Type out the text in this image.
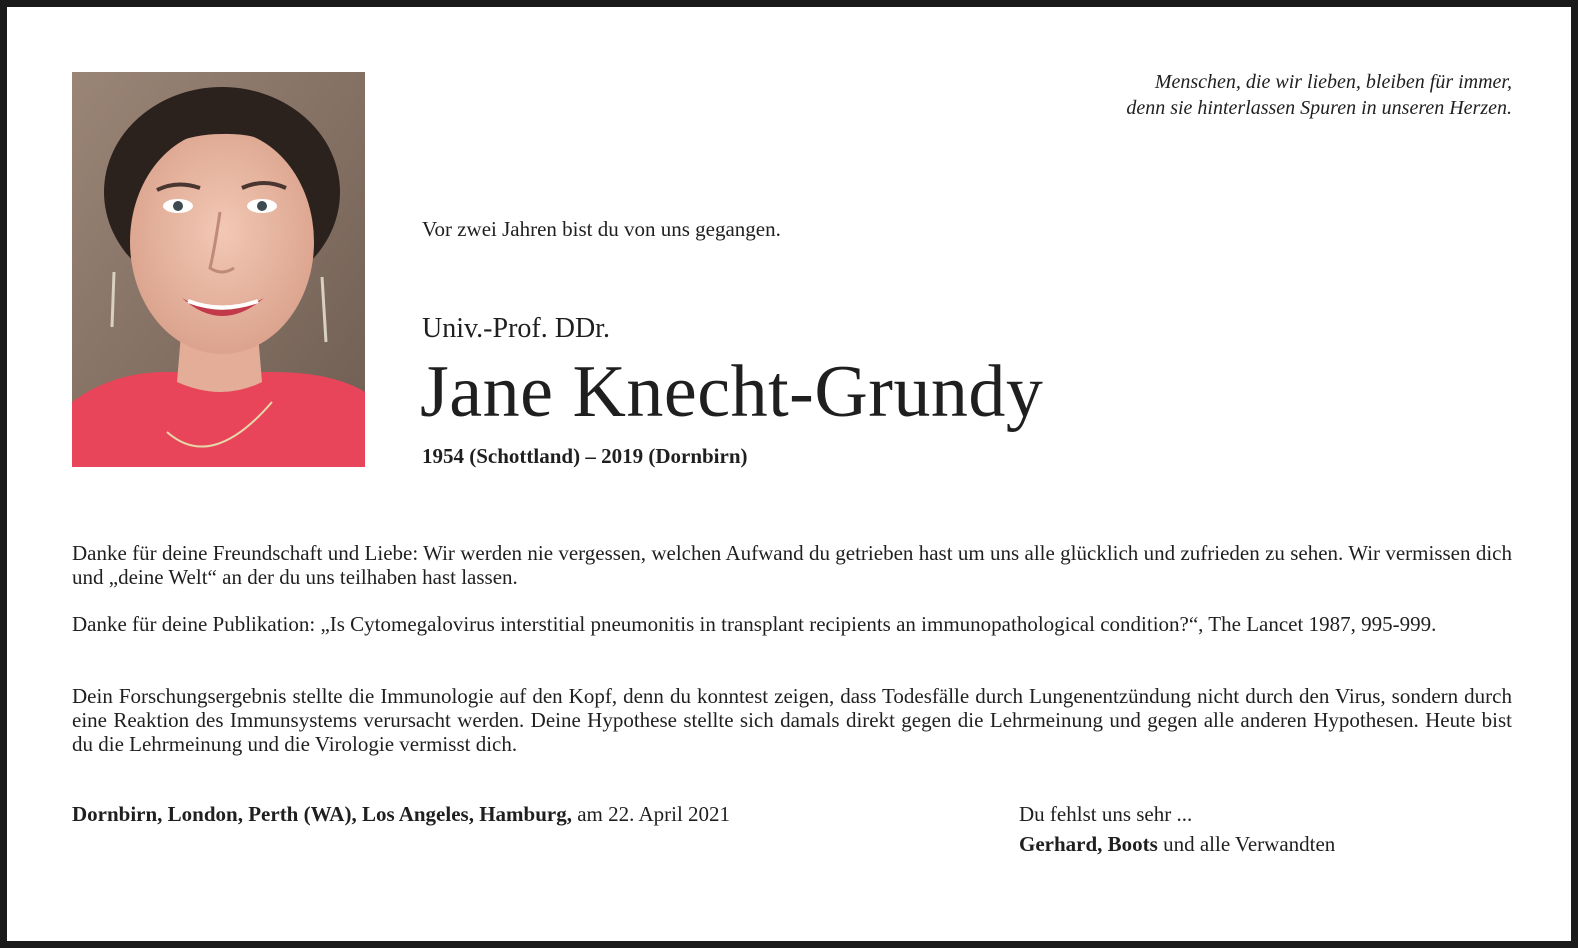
Menschen, die wir lieben, bleiben für immer,
denn sie hinterlassen Spuren in unseren Herzen.
Vor zwei Jahren bist du von uns gegangen.
Univ.-Prof. DDr.
Jane Knecht-Grundy
1954 (Schottland) – 2019 (Dornbirn)
Danke für deine Freundschaft und Liebe: Wir werden nie vergessen, welchen Aufwand du getrieben hast um uns alle glücklich und zufrieden zu sehen. Wir vermissen dich und „deine Welt“ an der du uns teilhaben hast lassen.
Danke für deine Publikation: „Is Cytomegalovirus interstitial pneumonitis in transplant recipients an immunopathological condition?“, The Lancet 1987, 995-999.
Dein Forschungsergebnis stellte die Immunologie auf den Kopf, denn du konntest zeigen, dass Todesfälle durch Lungenentzündung nicht durch den Virus, sondern durch eine Reaktion des Immunsystems verursacht werden. Deine Hypothese stellte sich damals direkt gegen die Lehrmeinung und gegen alle anderen Hypothesen. Heute bist du die Lehrmeinung und die Virologie vermisst dich.
Dornbirn, London, Perth (WA), Los Angeles, Hamburg, am 22. April 2021	Du fehlst uns sehr ...
Gerhard, Boots und alle Verwandten
